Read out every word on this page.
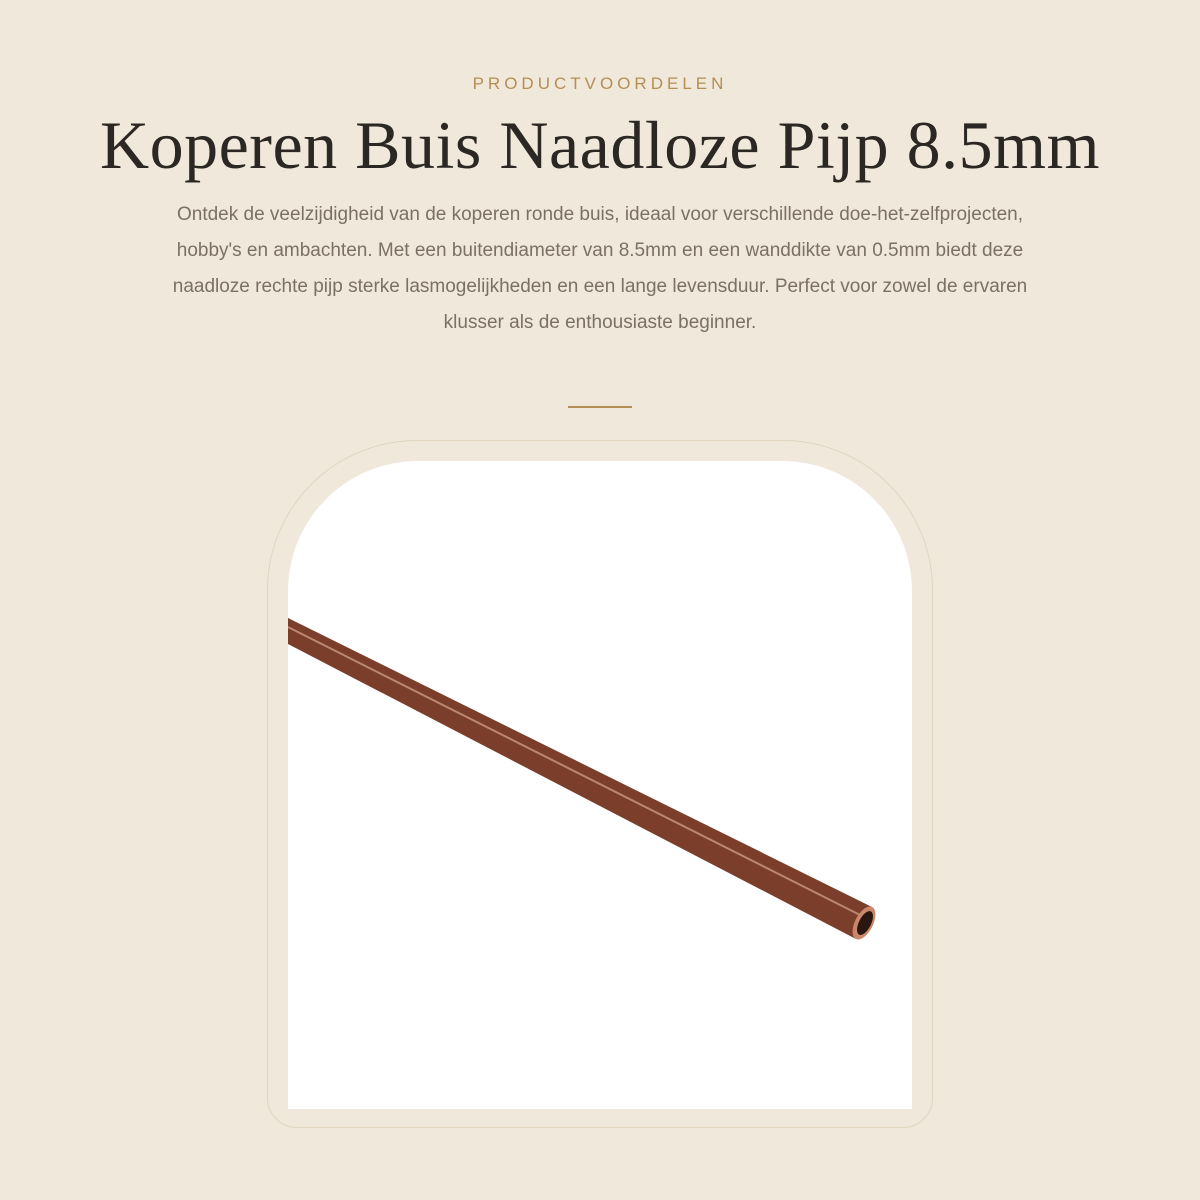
PRODUCTVOORDELEN
Koperen Buis Naadloze Pijp 8.5mm

Ontdek de veelzijdigheid van de koperen ronde buis, ideaal voor verschillende doe-het-zelfprojecten, hobby's en ambachten. Met een buitendiameter van 8.5mm en een wanddikte van 0.5mm biedt deze naadloze rechte pijp sterke lasmogelijkheden en een lange levensduur. Perfect voor zowel de ervaren klusser als de enthousiaste beginner.
